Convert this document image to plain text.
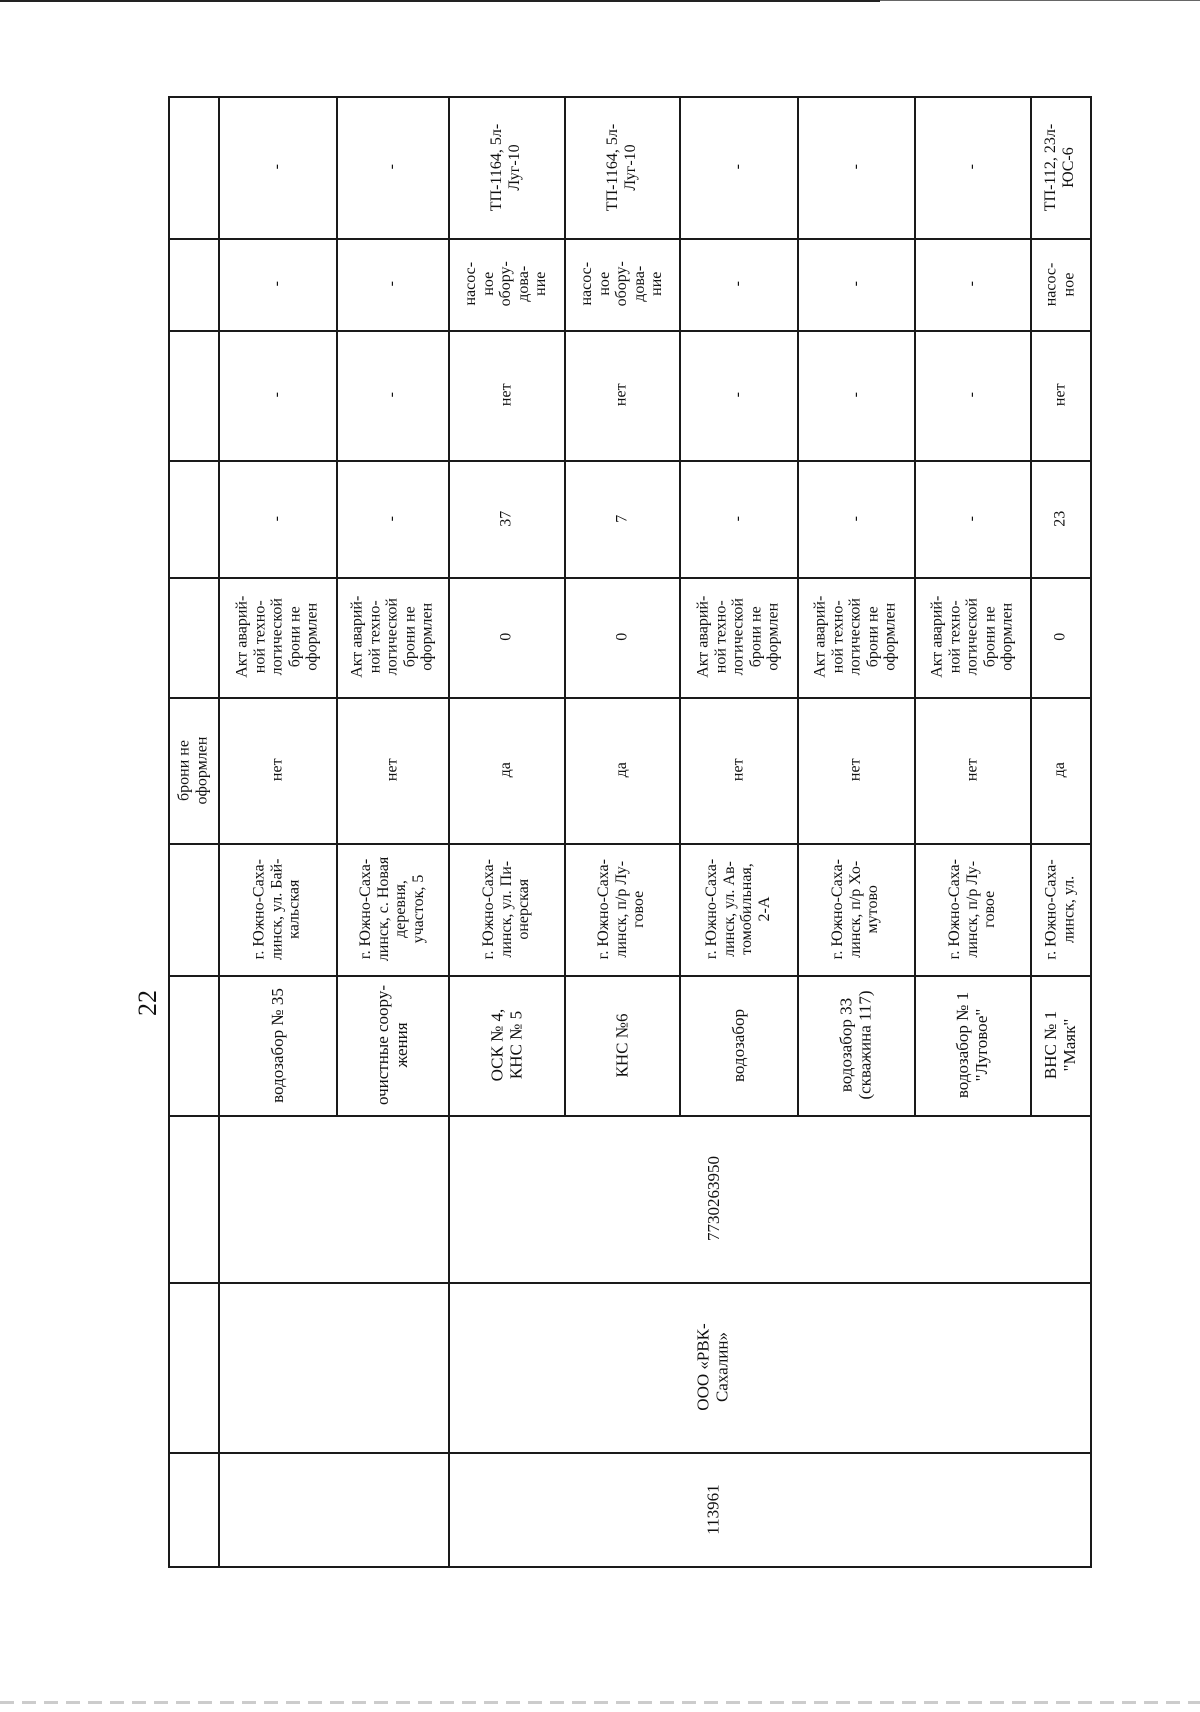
22
брони не
оформлен
-
-
-
-
Акт аварий-
ной техно-
логической
брони не
оформлен
нет
г. Южно-Саха-
линск, ул. Бай-
кальская
водозабор № 35
-
-
-
-
Акт аварий-
ной техно-
логической
брони не
оформлен
нет
г. Южно-Саха-
линск, с. Новая
деревня,
участок, 5
очистные соору-
жения
ТП-1164, 5л-
Луг-10
насос-
ное
обору-
дова-
ние
нет
37
0
да
г. Южно-Саха-
линск, ул. Пи-
онерская
ОСК № 4,
КНС № 5
ТП-1164, 5л-
Луг-10
насос-
ное
обору-
дова-
ние
нет
7
0
да
г. Южно-Саха-
линск, п/р Лу-
говое
КНС №6
-
-
-
-
Акт аварий-
ной техно-
логической
брони не
оформлен
нет
г. Южно-Саха-
линск, ул. Ав-
томобильная,
2-А
водозабор
-
-
-
-
Акт аварий-
ной техно-
логической
брони не
оформлен
нет
г. Южно-Саха-
линск, п/р Хо-
мутово
водозабор 33
(скважина 117)
-
-
-
-
Акт аварий-
ной техно-
логической
брони не
оформлен
нет
г. Южно-Саха-
линск, п/р Лу-
говое
водозабор № 1
"Луговое"
ТП-112, 23л-
ЮС-6
насос-
ное
нет
23
0
да
г. Южно-Саха-
линск, ул.
ВНС № 1
"Маяк"
7730263950
ООО «РВК-
Сахалин»
113961
